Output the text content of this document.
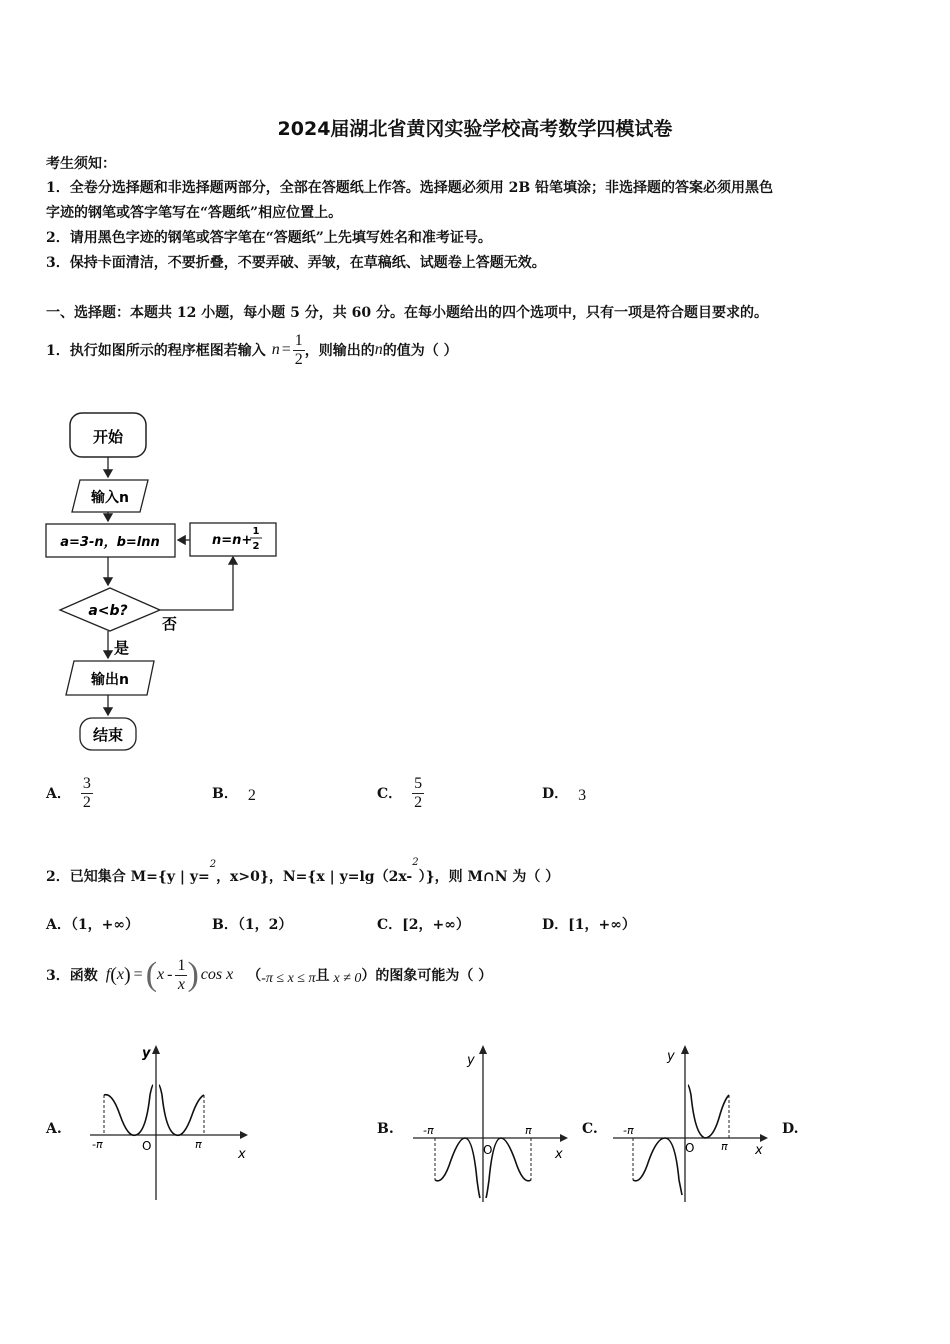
2024届湖北省黄冈实验学校高考数学四模试卷
考生须知：
1．全卷分选择题和非选择题两部分，全部在答题纸上作答。选择题必须用 2B 铅笔填涂；非选择题的答案必须用黑色
字迹的钢笔或答字笔写在“答题纸”相应位置上。
2．请用黑色字迹的钢笔或答字笔在“答题纸”上先填写姓名和准考证号。
3．保持卡面清洁，不要折叠，不要弄破、弄皱，在草稿纸、试题卷上答题无效。
一、选择题：本题共 12 小题，每小题 5 分，共 60 分。在每小题给出的四个选项中，只有一项是符合题目要求的。
1．执行如图所示的程序框图若输入 $n = \frac{1}{2}$ ，则输出的 n 的值为（ ）
开始
输入n
a=3-n，b=lnn	n=n+
1
2
a<b?
否
是
输出n
结束
A． $\frac{3}{2}$	B． 2	C． $\frac{5}{2}$	D． 3
2．已知集合 M={y | y=$^2$，x>0}，N={x | y=lg（2x-$^2$）}，则 M∩N 为（ ）
A．（1，+∞）	B．（1，2）	C．[2，+∞）	D．[1，+∞）
3．函数 f ( x ) = ( x - $\frac{1}{x}$ ) cos x （ -π ≤ x ≤ π 且 x ≠ 0 ）的图象可能为（ ）
A.	B.	C.	D.
y
x
O
-π	π
y
x
O
-π	π
y
x
O
-π
π
